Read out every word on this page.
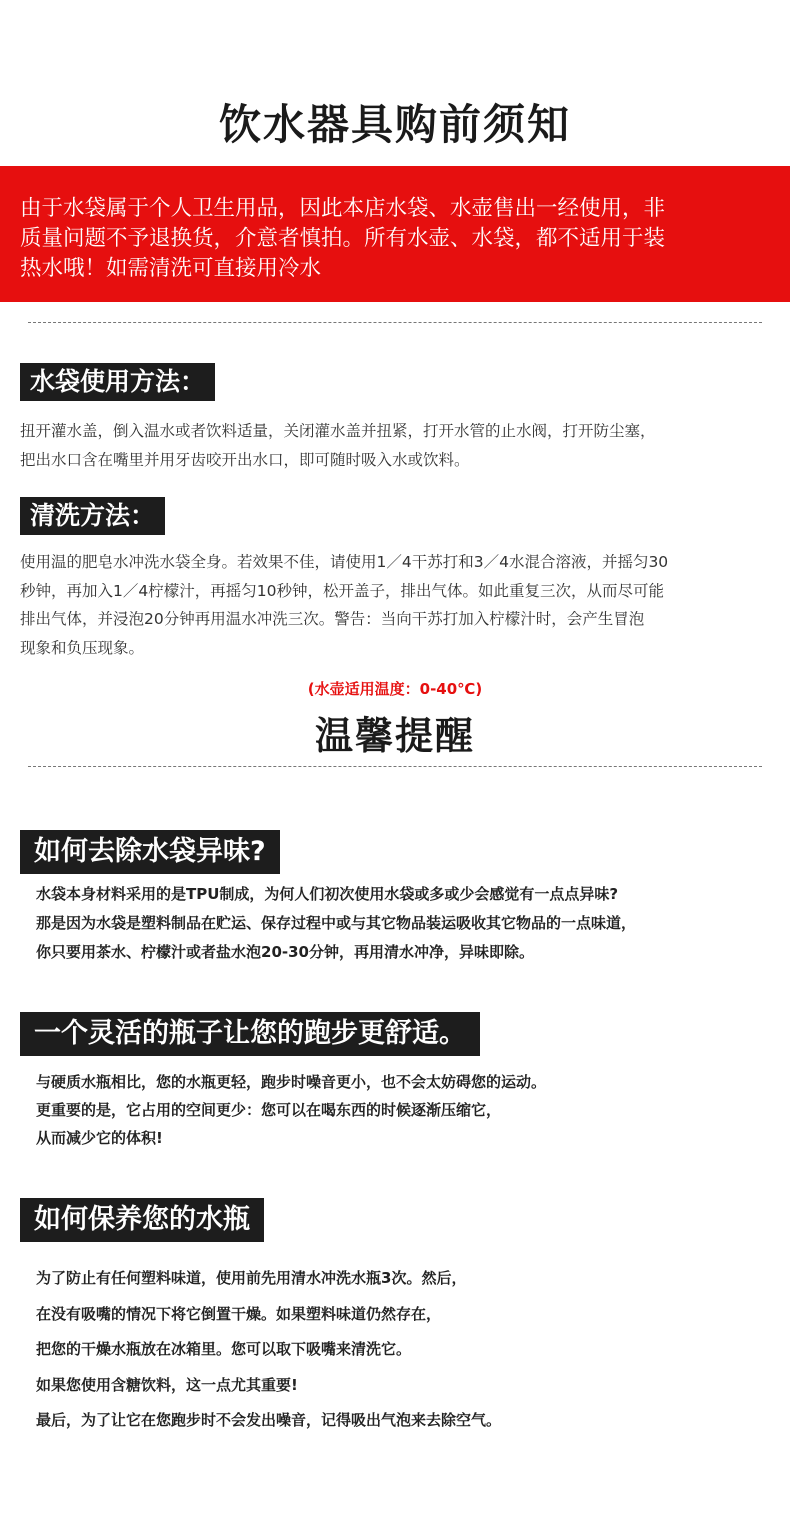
饮水器具购前须知

由于水袋属于个人卫生用品，因此本店水袋、水壶售出一经使用，非

质量问题不予退换货，介意者慎拍。所有水壶、水袋，都不适用于装

热水哦！如需清洗可直接用冷水

水袋使用方法：

扭开灌水盖，倒入温水或者饮料适量，关闭灌水盖并扭紧，打开水管的止水阀，打开防尘塞，

把出水口含在嘴里并用牙齿咬开出水口，即可随时吸入水或饮料。

清洗方法：

使用温的肥皂水冲洗水袋全身。若效果不佳，请使用1／4干苏打和3／4水混合溶液，并摇匀30

秒钟，再加入1／4柠檬汁，再摇匀10秒钟，松开盖子，排出气体。如此重复三次，从而尽可能

排出气体，并浸泡20分钟再用温水冲洗三次。警告：当向干苏打加入柠檬汁时，会产生冒泡

现象和负压现象。

(水壶适用温度：0-40℃)
温馨提醒
如何去除水袋异味?

水袋本身材料采用的是TPU制成，为何人们初次使用水袋或多或少会感觉有一点点异味?

那是因为水袋是塑料制品在贮运、保存过程中或与其它物品装运吸收其它物品的一点味道，

你只要用茶水、柠檬汁或者盐水泡20-30分钟，再用清水冲净，异味即除。

一个灵活的瓶子让您的跑步更舒适。

与硬质水瓶相比，您的水瓶更轻，跑步时噪音更小，也不会太妨碍您的运动。

更重要的是，它占用的空间更少：您可以在喝东西的时候逐渐压缩它，

从而减少它的体积!

如何保养您的水瓶

为了防止有任何塑料味道，使用前先用清水冲洗水瓶3次。然后，

在没有吸嘴的情况下将它倒置干燥。如果塑料味道仍然存在，

把您的干燥水瓶放在冰箱里。您可以取下吸嘴来清洗它。

如果您使用含糖饮料，这一点尤其重要!

最后，为了让它在您跑步时不会发出噪音，记得吸出气泡来去除空气。
